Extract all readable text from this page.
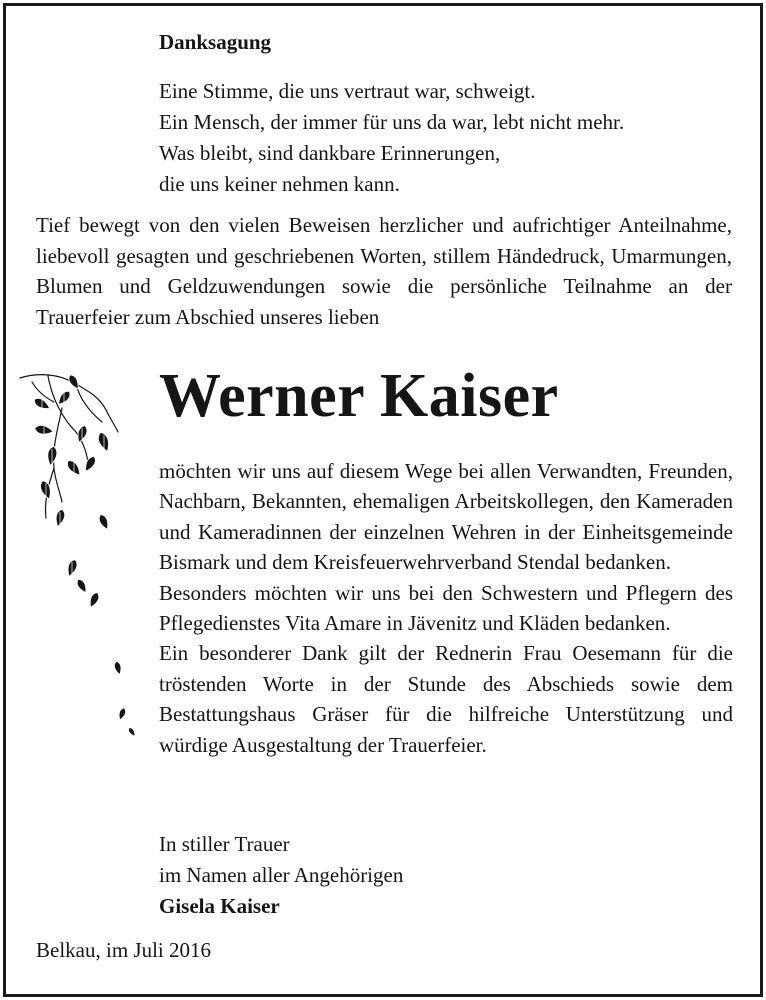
Danksagung
Eine Stimme, die uns vertraut war, schweigt.
Ein Mensch, der immer für uns da war, lebt nicht mehr.
Was bleibt, sind dankbare Erinnerungen,
die uns keiner nehmen kann.

Tief bewegt von den vielen Beweisen herzlicher und aufrichtiger Anteilnahme, liebevoll gesagten und geschriebenen Worten, stillem Händedruck, Umarmungen, Blumen und Geldzuwendungen sowie die persönliche Teilnahme an der Trauerfeier zum Abschied unseres lieben

Werner Kaiser

möchten wir uns auf diesem Wege bei allen Verwandten, Freunden, Nachbarn, Bekannten, ehemaligen Arbeitskollegen, den Kameraden und Kameradinnen der einzelnen Wehren in der Einheitsgemeinde Bismark und dem Kreisfeuerwehrverband Stendal bedanken.

Besonders möchten wir uns bei den Schwestern und Pflegern des Pflegedienstes Vita Amare in Jävenitz und Kläden bedanken.

Ein besonderer Dank gilt der Rednerin Frau Oesemann für die tröstenden Worte in der Stunde des Abschieds sowie dem Bestattungshaus Gräser für die hilfreiche Unterstützung und würdige Ausgestaltung der Trauerfeier.

In stiller Trauer
im Namen aller Angehörigen
Gisela Kaiser
Belkau, im Juli 2016
